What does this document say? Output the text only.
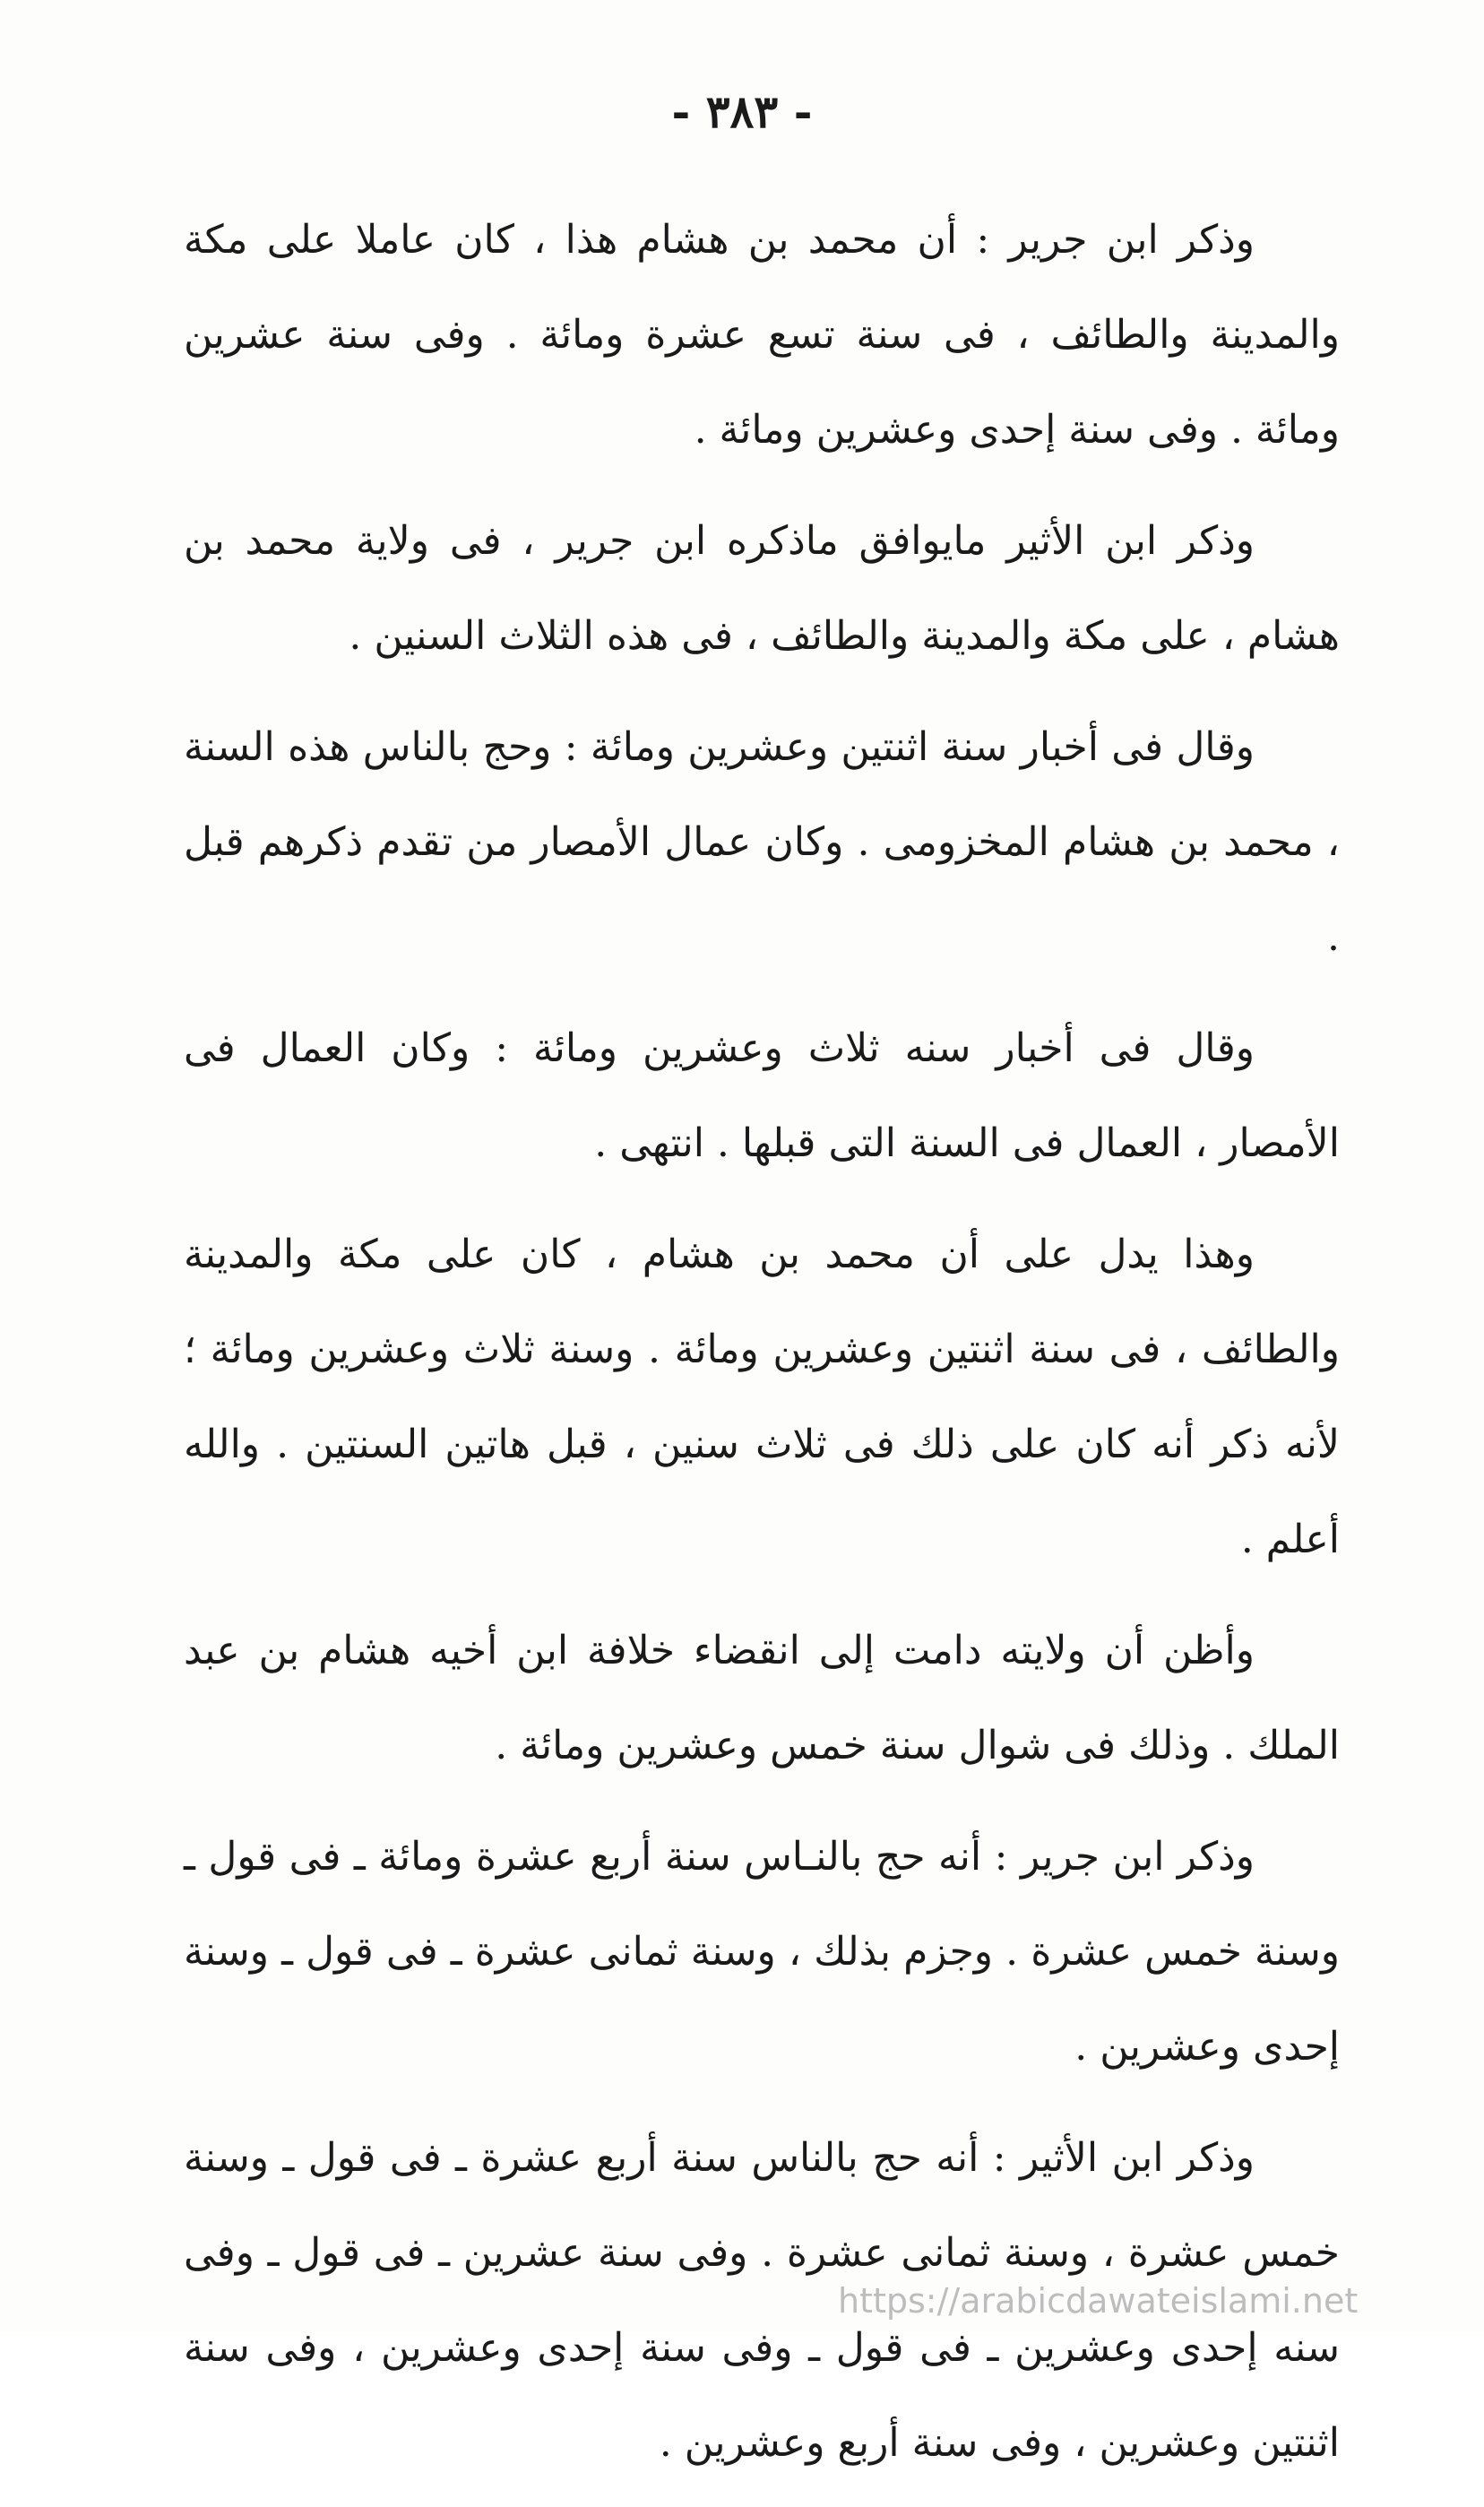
- ٣٨٣ -

وذكر ابن جرير : أن محمد بن هشام هذا ، كان عاملا على مكة والمدينة والطائف ، فى سنة تسع عشرة ومائة . وفى سنة عشرين ومائة . وفى سنة إحدى وعشرين ومائة .

وذكر ابن الأثير مايوافق ماذكره ابن جرير ، فى ولاية محمد بن هشام ، على مكة والمدينة والطائف ، فى هذه الثلاث السنين .

وقال فى أخبار سنة اثنتين وعشرين ومائة : وحج بالناس هذه السنة ، محمد بن هشام المخزومى . وكان عمال الأمصار من تقدم ذكرهم قبل .

وقال فى أخبار سنه ثلاث وعشرين ومائة : وكان العمال فى الأمصار ، العمال فى السنة التى قبلها . انتهى .

وهذا يدل على أن محمد بن هشام ، كان على مكة والمدينة والطائف ، فى سنة اثنتين وعشرين ومائة . وسنة ثلاث وعشرين ومائة ؛ لأنه ذكر أنه كان على ذلك فى ثلاث سنين ، قبل هاتين السنتين . والله أعلم .

وأظن أن ولايته دامت إلى انقضاء خلافة ابن أخيه هشام بن عبد الملك . وذلك فى شوال سنة خمس وعشرين ومائة .

وذكر ابن جرير : أنه حج بالنـاس سنة أربع عشرة ومائة ـ فى قول ـ وسنة خمس عشرة . وجزم بذلك ، وسنة ثمانى عشرة ـ فى قول ـ وسنة إحدى وعشرين .

وذكر ابن الأثير : أنه حج بالناس سنة أربع عشرة ـ فى قول ـ وسنة خمس عشرة ، وسنة ثمانى عشرة . وفى سنة عشرين ـ فى قول ـ وفى سنه إحدى وعشرين ـ فى قول ـ وفى سنة إحدى وعشرين ، وفى سنة اثنتين وعشرين ، وفى سنة أربع وعشرين .

https://arabicdawateislami.net
